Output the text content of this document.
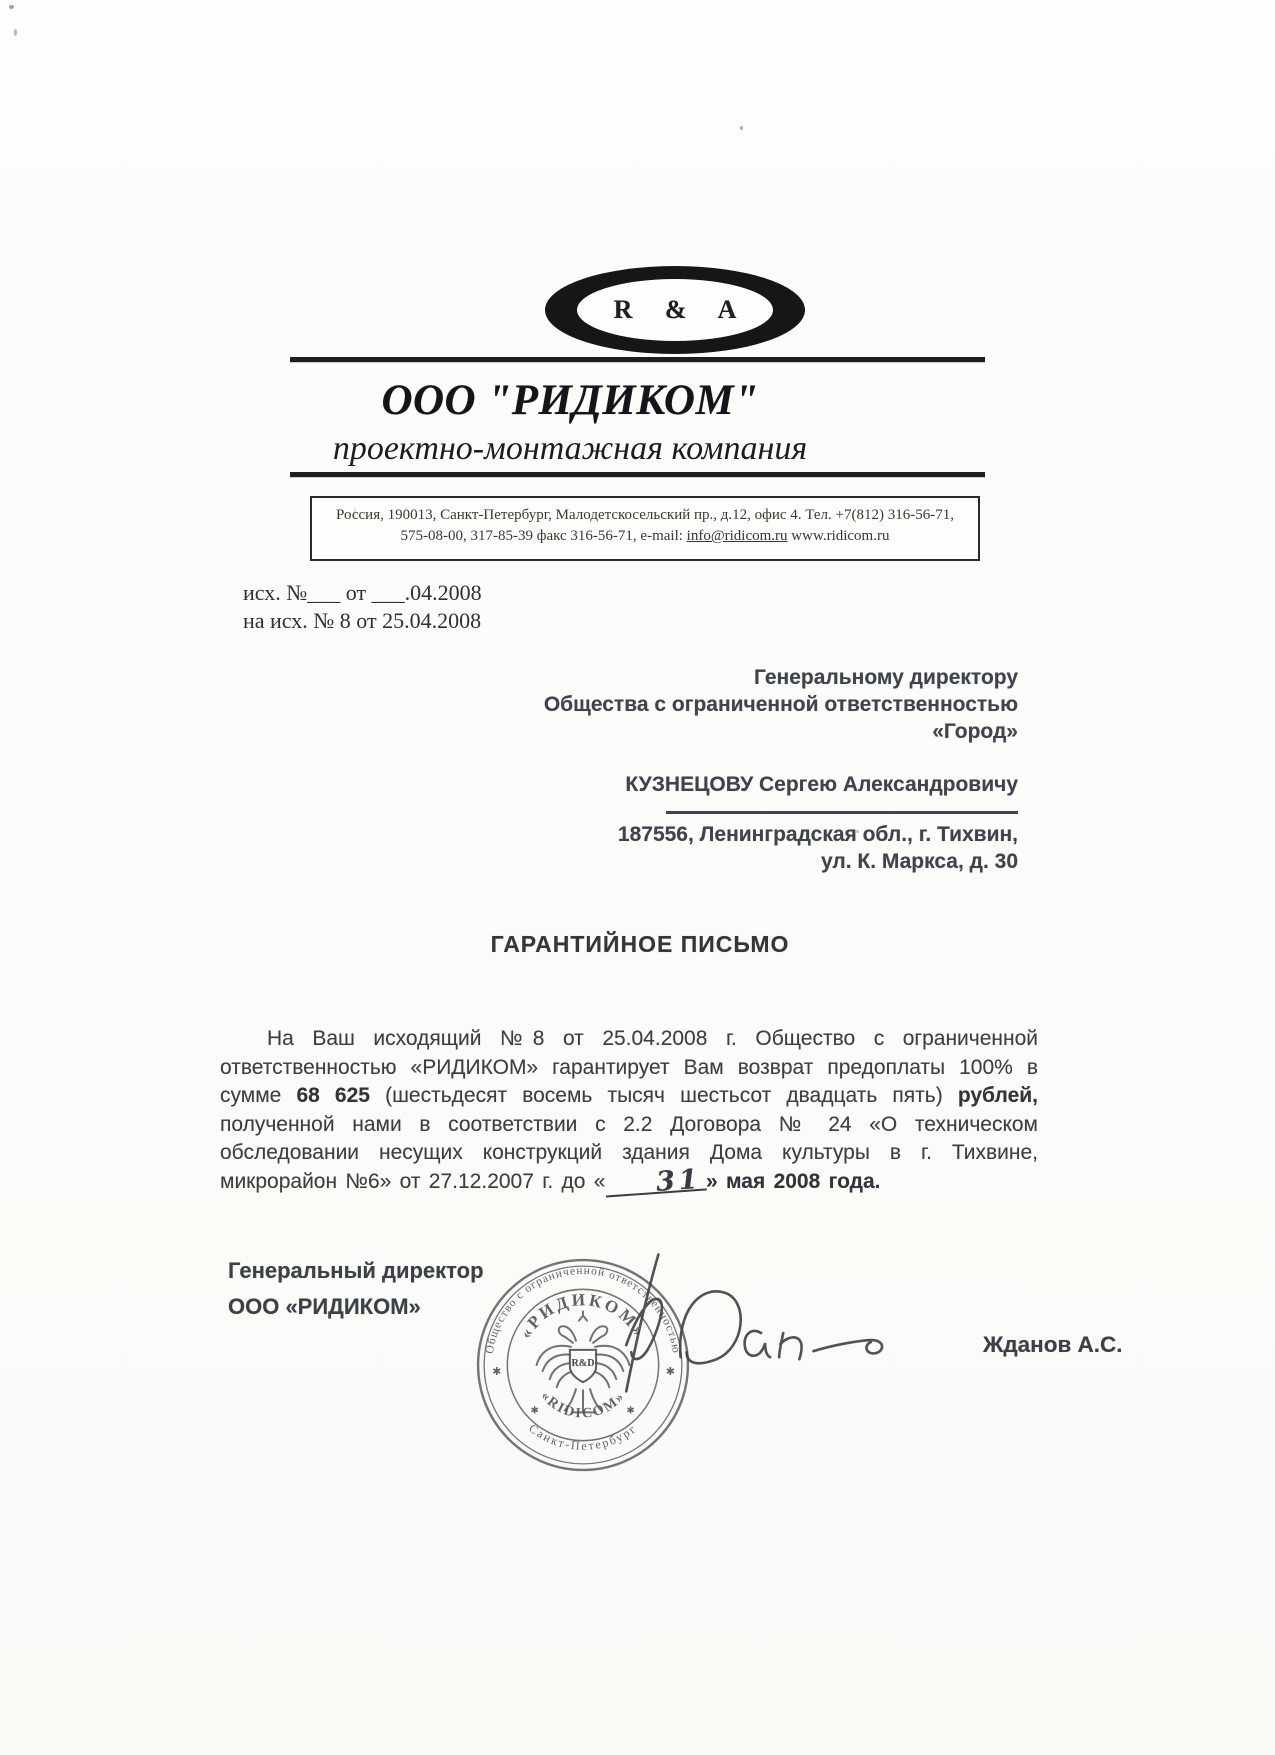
R & A
ООО "РИДИКОМ"
проектно-монтажная компания
Россия, 190013, Санкт-Петербург, Малодетскосельский пр., д.12, офис 4. Тел. +7(812) 316-56-71,
575-08-00, 317-85-39 факс 316-56-71, e-mail: info@ridicom.ru www.ridicom.ru
исх. №___ от ___.04.2008
на исх. № 8 от 25.04.2008
Генеральному директору
Общества с ограниченной ответственностью
«Город»
КУЗНЕЦОВУ Сергею Александровичу
187556, Ленинградская обл., г. Тихвин,
ул. К. Маркса, д. 30
ГАРАНТИЙНОЕ ПИСЬМО

На Ваш исходящий №8 от 25.04.2008 г. Общество с ограниченной ответственностью «РИДИКОМ» гарантирует Вам возврат предоплаты 100% в сумме 68 625 (шестьдесят восемь тысяч шестьсот двадцать пять) рублей, полученной нами в соответствии с 2.2 Договора № 24 «О техническом обследовании несущих конструкций здания Дома культуры в г. Тихвине, микрорайон №6» от 27.12.2007 г. до « 31 » мая 2008 года.

Генеральный директор
ООО «РИДИКОМ»
Общество с ограниченной ответственностью
Санкт-Петербург
«РИДИКОМ»
«RIDICOM»
✱	✱
✱	✱
R&D
Жданов А.С.
